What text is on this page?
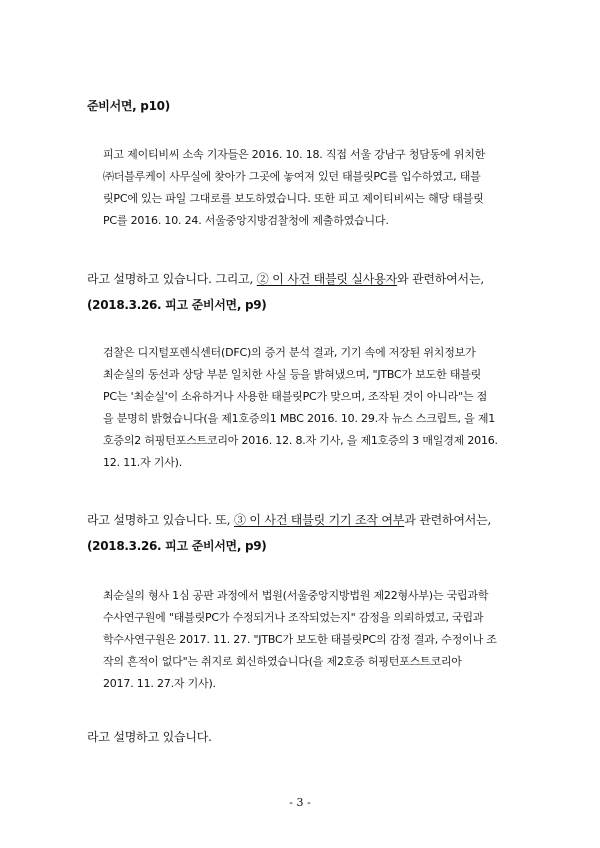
준비서면, p10)
피고 제이티비씨 소속 기자들은 2016. 10. 18. 직접 서울 강남구 청담동에 위치한
㈜더블루케이 사무실에 찾아가 그곳에 놓여져 있던 태블릿PC를 입수하였고, 태블
릿PC에 있는 파일 그대로를 보도하였습니다. 또한 피고 제이티비씨는 해당 태블릿
PC를 2016. 10. 24. 서울중앙지방검찰청에 제출하였습니다.
라고 설명하고 있습니다. 그리고, ② 이 사건 태블릿 실사용자와 관련하여서는,
(2018.3.26. 피고 준비서면, p9)
검찰은 디지털포렌식센터(DFC)의 증거 분석 결과, 기기 속에 저장된 위치정보가
최순실의 동선과 상당 부분 일치한 사실 등을 밝혀냈으며, "JTBC가 보도한 태블릿
PC는 '최순실'이 소유하거나 사용한 태블릿PC가 맞으며, 조작된 것이 아니라"는 점
을 분명히 밝혔습니다(을 제1호증의1 MBC 2016. 10. 29.자 뉴스 스크립트, 을 제1
호증의2 허핑턴포스트코리아 2016. 12. 8.자 기사, 을 제1호증의 3 매일경제 2016.
12. 11.자 기사).
라고 설명하고 있습니다. 또, ③ 이 사건 태블릿 기기 조작 여부과 관련하여서는,
(2018.3.26. 피고 준비서면, p9)
최순실의 형사 1심 공판 과정에서 법원(서울중앙지방법원 제22형사부)는 국립과학
수사연구원에 "태블릿PC가 수정되거나 조작되었는지" 감정을 의뢰하였고, 국립과
학수사연구원은 2017. 11. 27. "JTBC가 보도한 태블릿PC의 감정 결과, 수정이나 조
작의 흔적이 없다"는 취지로 회신하였습니다(을 제2호증 허핑턴포스트코리아
2017. 11. 27.자 기사).
라고 설명하고 있습니다.
- 3 -
